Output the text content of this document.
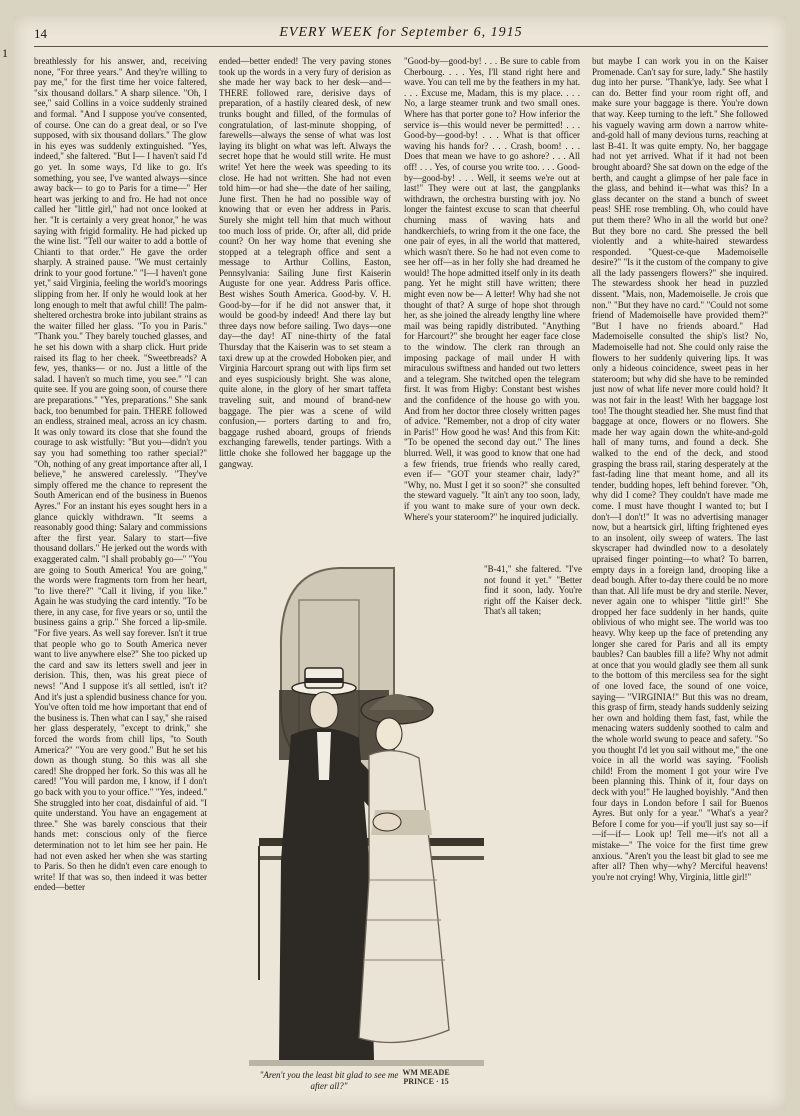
1
14	EVERY WEEK for September 6, 1915

breathlessly for his answer, and, receiving none, "For three years." And they're willing to pay me," for the first time her voice faltered, "six thousand dollars." A sharp silence. "Oh, I see," said Collins in a voice suddenly strained and formal. "And I suppose you've consented, of course. One can do a great deal, or so I've supposed, with six thousand dollars." The glow in his eyes was suddenly extinguished. "Yes, indeed," she faltered. "But I— I haven't said I'd go yet. In some ways, I'd like to go. It's something, you see, I've wanted always—since away back— to go to Paris for a time—" Her heart was jerking to and fro. He had not once called her "little girl," had not once looked at her. "It is certainly a very great honor," he was saying with frigid formality. He had picked up the wine list. "Tell our waiter to add a bottle of Chianti to that order." He gave the order sharply. A strained pause. "We must certainly drink to your good fortune." "I—I haven't gone yet," said Virginia, feeling the world's moorings slipping from her. If only he would look at her long enough to melt that awful chill! The palm-sheltered orchestra broke into jubilant strains as the waiter filled her glass. "To you in Paris." "Thank you." They barely touched glasses, and he set his down with a sharp click. Hurt pride raised its flag to her cheek. "Sweetbreads? A few, yes, thanks— or no. Just a little of the salad. I haven't so much time, you see." "I can quite see. If you are going soon, of course there are preparations." "Yes, preparations." She sank back, too benumbed for pain. THERE followed an endless, strained meal, across an icy chasm. It was only toward its close that she found the courage to ask wistfully: "But you—didn't you say you had something too rather special?" "Oh, nothing of any great importance after all, I believe," he answered carelessly. "They've simply offered me the chance to represent the South American end of the business in Buenos Ayres." For an instant his eyes sought hers in a glance quickly withdrawn. "It seems a reasonably good thing: Salary and commissions after the first year. Salary to start—five thousand dollars." He jerked out the words with exaggerated calm. "I shall probably go—" "You are going to South America! You are going," the words were fragments torn from her heart, "to live there?" "Call it living, if you like." Again he was studying the card intently. "To be there, in any case, for five years or so, until the business gains a grip." She forced a lip-smile. "For five years. As well say forever. Isn't it true that people who go to South America never want to live anywhere else?" She too picked up the card and saw its letters swell and jeer in derision. This, then, was his great piece of news! "And I suppose it's all settled, isn't it? And it's just a splendid business chance for you. You've often told me how important that end of the business is. Then what can I say," she raised her glass desperately, "except to drink," she forced the words from chill lips, "to South America?" "You are very good." But he set his down as though stung. So this was all she cared! She dropped her fork. So this was all he cared! "You will pardon me, I know, if I don't go back with you to your office." "Yes, indeed." She struggled into her coat, disdainful of aid. "I quite understand. You have an engagement at three." She was barely conscious that their hands met: conscious only of the fierce determination not to let him see her pain. He had not even asked her when she was starting to Paris. So then he didn't even care enough to write! If that was so, then indeed it was better ended—better

ended—better ended! The very paving stones took up the words in a very fury of derision as she made her way back to her desk—and— THERE followed rare, derisive days of preparation, of a hastily cleared desk, of new trunks bought and filled, of the formulas of congratulation, of last-minute shopping, of farewells—always the sense of what was lost laying its blight on what was left. Always the secret hope that he would still write. He must write! Yet here the week was speeding to its close. He had not written. She had not even told him—or had she—the date of her sailing, June first. Then he had no possible way of knowing that or even her address in Paris. Surely she might tell him that much without too much loss of pride. Or, after all, did pride count? On her way home that evening she stopped at a telegraph office and sent a message to Arthur Collins, Easton, Pennsylvania: Sailing June first Kaiserin Auguste for one year. Address Paris office. Best wishes South America. Good-by. V. H. Good-by—for if he did not answer that, it would be good-by indeed! And there lay but three days now before sailing. Two days—one day—the day! AT nine-thirty of the fatal Thursday that the Kaiserin was to set steam a taxi drew up at the crowded Hoboken pier, and Virginia Harcourt sprang out with lips firm set and eyes suspiciously bright. She was alone, quite alone, in the glory of her smart taffeta traveling suit, and mound of brand-new baggage. The pier was a scene of wild confusion,— porters darting to and fro, baggage rushed aboard, groups of friends exchanging farewells, tender partings. With a little choke she followed her baggage up the gangway.

"Good-by—good-by! . . . Be sure to cable from Cherbourg. . . . Yes, I'll stand right here and wave. You can tell me by the feathers in my hat. . . . Excuse me, Madam, this is my place. . . . No, a large steamer trunk and two small ones. Where has that porter gone to? How inferior the service is—this would never be permitted! . . . Good-by—good-by! . . . What is that officer waving his hands for? . . . Crash, boom! . . . Does that mean we have to go ashore? . . . All off! . . . Yes, of course you write too. . . . Good-by—good-by! . . . Well, it seems we're out at last!" They were out at last, the gangplanks withdrawn, the orchestra bursting with joy. No longer the faintest excuse to scan that cheerful churning mass of waving hats and handkerchiefs, to wring from it the one face, the one pair of eyes, in all the world that mattered, which wasn't there. So he had not even come to see her off—as in her folly she had dreamed he would! The hope admitted itself only in its death pang. Yet he might still have written; there might even now be— A letter! Why had she not thought of that? A surge of hope shot through her, as she joined the already lengthy line where mail was being rapidly distributed. "Anything for Harcourt?" she brought her eager face close to the window. The clerk ran through an imposing package of mail under H with miraculous swiftness and handed out two letters and a telegram. She twitched open the telegram first. It was from Higby: Constant best wishes and the confidence of the house go with you. And from her doctor three closely written pages of advice. "Remember, not a drop of city water in Paris!" How good he was! And this from Kit: "To be opened the second day out." The lines blurred. Well, it was good to know that one had a few friends, true friends who really cared, even if— "GOT your steamer chair, lady?" "Why, no. Must I get it so soon?" she consulted the steward vaguely. "It ain't any too soon, lady, if you want to make sure of your own deck. Where's your stateroom?" he inquired judicially.

"B-41," she faltered. "I've not found it yet." "Better find it soon, lady. You're right off the Kaiser deck. That's all taken;

but maybe I can work you in on the Kaiser Promenade. Can't say for sure, lady." She hastily dug into her purse. "Thank'ye, lady. See what I can do. Better find your room right off, and make sure your baggage is there. You're down that way. Keep turning to the left." She followed his vaguely waving arm down a narrow white-and-gold hall of many devious turns, reaching at last B-41. It was quite empty. No, her baggage had not yet arrived. What if it had not been brought aboard? She sat down on the edge of the berth, and caught a glimpse of her pale face in the glass, and behind it—what was this? In a glass decanter on the stand a bunch of sweet peas! SHE rose trembling. Oh, who could have put them there? Who in all the world but one? But they bore no card. She pressed the bell violently and a white-haired stewardess responded. "Quest-ce-que Mademoiselle desire?" "Is it the custom of the company to give all the lady passengers flowers?" she inquired. The stewardess shook her head in puzzled dissent. "Mais, non, Mademoiselle. Je crois que non." "But they have no card." "Could not some friend of Mademoiselle have provided them?" "But I have no friends aboard." Had Mademoiselle consulted the ship's list? No, Mademoiselle had not. She could only raise the flowers to her suddenly quivering lips. It was only a hideous coincidence, sweet peas in her stateroom; but why did she have to be reminded just now of what life never more could hold? It was not fair in the least! With her baggage lost too! The thought steadied her. She must find that baggage at once, flowers or no flowers. She made her way again down the white-and-gold hall of many turns, and found a deck. She walked to the end of the deck, and stood grasping the brass rail, staring desperately at the fast-fading line that meant home, and all its tender, budding hopes, left behind forever. "Oh, why did I come? They couldn't have made me come. I must have thought I wanted to; but I don't—I don't!" It was no advertising manager now, but a heartsick girl, lifting frightened eyes to an insolent, oily sweep of waters. The last skyscraper had dwindled now to a desolately upraised finger pointing—to what? To barren, empty days in a foreign land, drooping like a dead bough. After to-day there could be no more than that. All life must be dry and sterile. Never, never again one to whisper "little girl!" She dropped her face suddenly in her hands, quite oblivious of who might see. The world was too heavy. Why keep up the face of pretending any longer she cared for Paris and all its empty baubles? Can baubles fill a life? Why not admit at once that you would gladly see them all sunk to the bottom of this merciless sea for the sight of one loved face, the sound of one voice, saying— "VIRGINIA!" But this was no dream, this grasp of firm, steady hands suddenly seizing her own and holding them fast, fast, while the menacing waters suddenly soothed to calm and the whole world swung to peace and safety. "So you thought I'd let you sail without me," the one voice in all the world was saying. "Foolish child! From the moment I got your wire I've been planning this. Think of it, four days on deck with you!" He laughed boyishly. "And then four days in London before I sail for Buenos Ayres. But only for a year." "What's a year? Before I come for you—if you'll just say so—if—if—if— Look up! Tell me—it's not all a mistake—" The voice for the first time grew anxious. "Aren't you the least bit glad to see me after all? Then why—why? Merciful heavens! you're not crying! Why, Virginia, little girl!"

"Aren't you the least bit glad to see me after all?"
WM MEADE PRINCE · 15
